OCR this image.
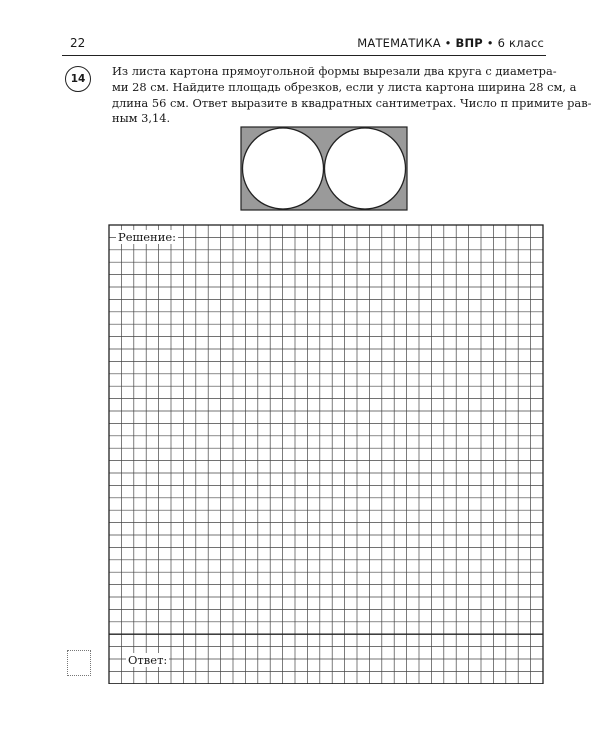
22	МАТЕМАТИКА • ВПР • 6 класс
14
Из листа картона прямоугольной формы вырезали два круга с диаметра-
ми 28 см. Найдите площадь обрезков, если у листа картона ширина 28 см, а
длина 56 см. Ответ выразите в квадратных сантиметрах. Число π примите рав-
ным 3,14.
Решение:
Ответ:
